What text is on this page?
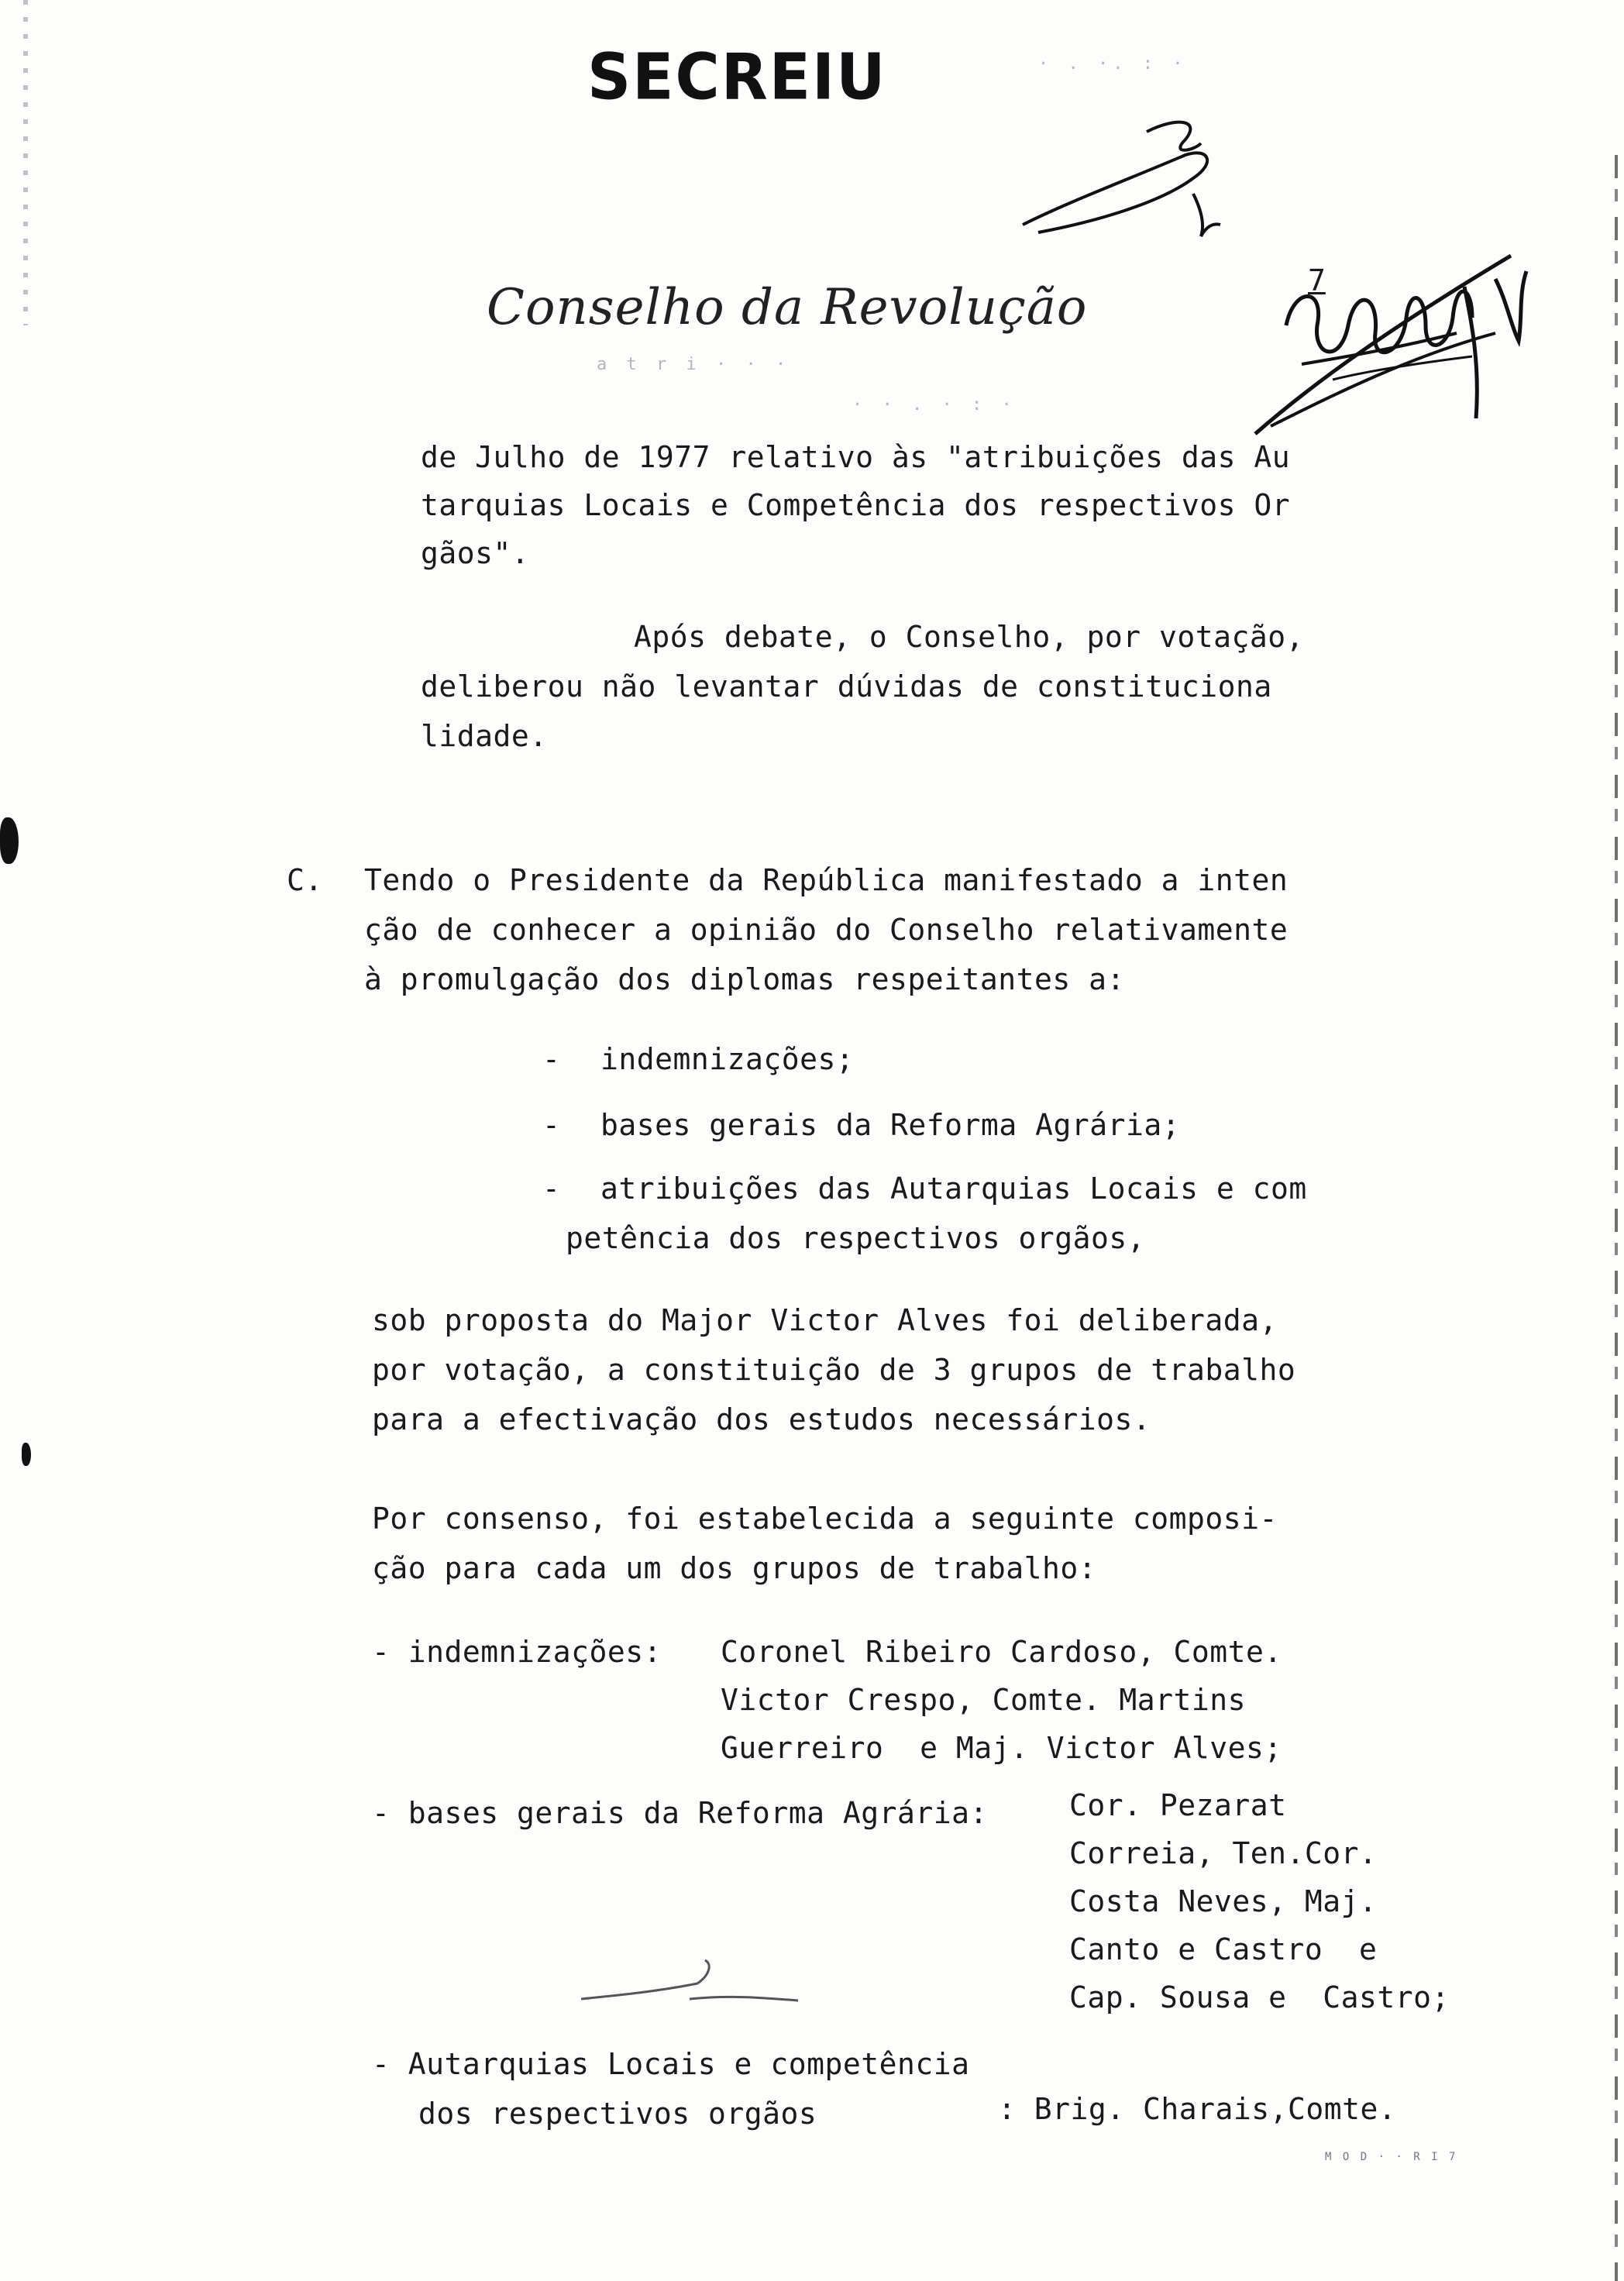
SECREIU	· . ·. : ·
a t r i · · ·
· · . · : ·
Conselho da Revolução	7
de Julho de 1977 relativo às "atribuições das Au
tarquias Locais e Competência dos respectivos Or
gãos".
Após debate, o Conselho, por votação,
deliberou não levantar dúvidas de constituciona
lidade.
C. Tendo o Presidente da República manifestado a inten
ção de conhecer a opinião do Conselho relativamente
à promulgação dos diplomas respeitantes a:
- indemnizações;
- bases gerais da Reforma Agrária;
- atribuições das Autarquias Locais e com
petência dos respectivos orgãos,
sob proposta do Major Victor Alves foi deliberada,
por votação, a constituição de 3 grupos de trabalho
para a efectivação dos estudos necessários.
Por consenso, foi estabelecida a seguinte composi-
ção para cada um dos grupos de trabalho:
- indemnizações: Coronel Ribeiro Cardoso, Comte.
Victor Crespo, Comte. Martins
Guerreiro  e Maj. Victor Alves;
- bases gerais da Reforma Agrária:	Cor. Pezarat
Correia, Ten.Cor.
Costa Neves, Maj.
Canto e Castro  e
Cap. Sousa e  Castro;
- Autarquias Locais e competência
dos respectivos orgãos	: Brig. Charais,Comte.
M O D · · R I 7
